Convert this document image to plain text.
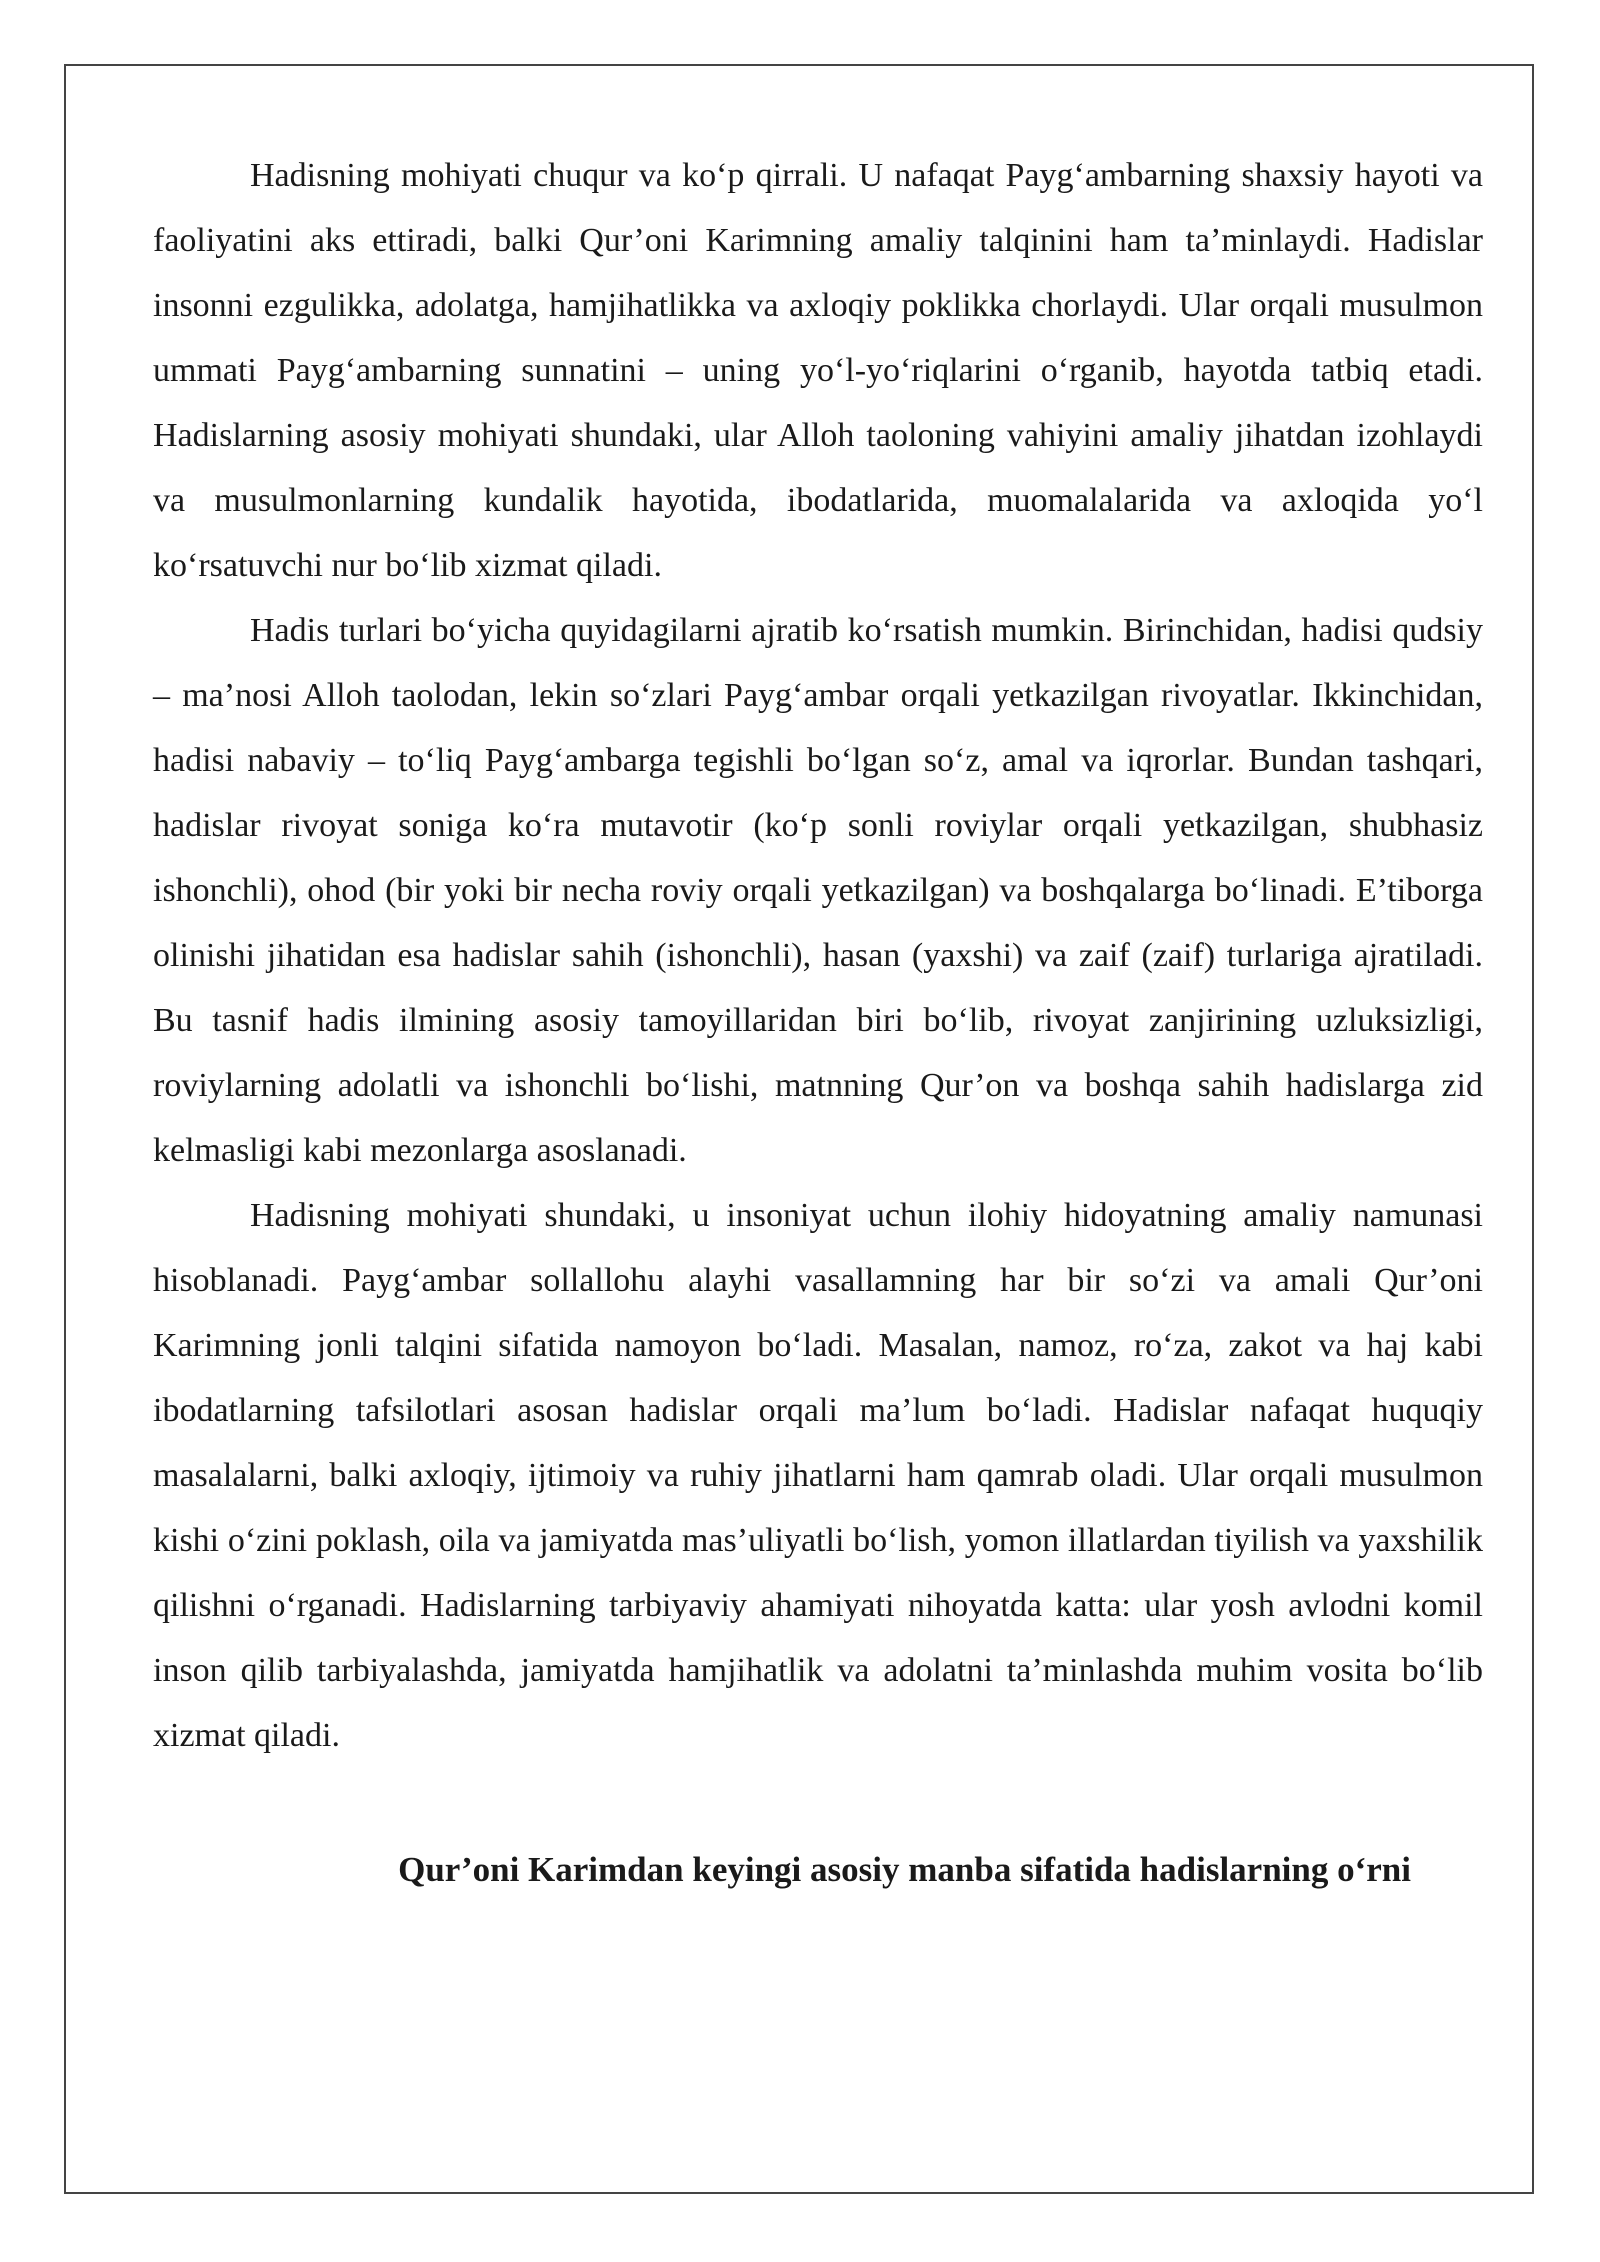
Hadisning mohiyati chuqur va ko‘p qirrali. U nafaqat Payg‘ambarning shaxsiy hayoti va faoliyatini aks ettiradi, balki Qur’oni Karimning amaliy talqinini ham ta’minlaydi. Hadislar insonni ezgulikka, adolatga, hamjihatlikka va axloqiy poklikka chorlaydi. Ular orqali musulmon ummati Payg‘ambarning sunnatini – uning yo‘l-yo‘riqlarini o‘rganib, hayotda tatbiq etadi. Hadislarning asosiy mohiyati shundaki, ular Alloh taoloning vahiyini amaliy jihatdan izohlaydi va musulmonlarning kundalik hayotida, ibodatlarida, muomalalarida va axloqida yo‘l ko‘rsatuvchi nur bo‘lib xizmat qiladi.

Hadis turlari bo‘yicha quyidagilarni ajratib ko‘rsatish mumkin. Birinchidan, hadisi qudsiy – ma’nosi Alloh taolodan, lekin so‘zlari Payg‘ambar orqali yetkazilgan rivoyatlar. Ikkinchidan, hadisi nabaviy – to‘liq Payg‘ambarga tegishli bo‘lgan so‘z, amal va iqrorlar. Bundan tashqari, hadislar rivoyat soniga ko‘ra mutavotir (ko‘p sonli roviylar orqali yetkazilgan, shubhasiz ishonchli), ohod (bir yoki bir necha roviy orqali yetkazilgan) va boshqalarga bo‘linadi. E’tiborga olinishi jihatidan esa hadislar sahih (ishonchli), hasan (yaxshi) va zaif (zaif) turlariga ajratiladi. Bu tasnif hadis ilmining asosiy tamoyillaridan biri bo‘lib, rivoyat zanjirining uzluksizligi, roviylarning adolatli va ishonchli bo‘lishi, matnning Qur’on va boshqa sahih hadislarga zid kelmasligi kabi mezonlarga asoslanadi.

Hadisning mohiyati shundaki, u insoniyat uchun ilohiy hidoyatning amaliy namunasi hisoblanadi. Payg‘ambar sollallohu alayhi vasallamning har bir so‘zi va amali Qur’oni Karimning jonli talqini sifatida namoyon bo‘ladi. Masalan, namoz, ro‘za, zakot va haj kabi ibodatlarning tafsilotlari asosan hadislar orqali ma’lum bo‘ladi. Hadislar nafaqat huquqiy masalalarni, balki axloqiy, ijtimoiy va ruhiy jihatlarni ham qamrab oladi. Ular orqali musulmon kishi o‘zini poklash, oila va jamiyatda mas’uliyatli bo‘lish, yomon illatlardan tiyilish va yaxshilik qilishni o‘rganadi. Hadislarning tarbiyaviy ahamiyati nihoyatda katta: ular yosh avlodni komil inson qilib tarbiyalashda, jamiyatda hamjihatlik va adolatni ta’minlashda muhim vosita bo‘lib xizmat qiladi.

Qur’oni Karimdan keyingi asosiy manba sifatida hadislarning o‘rni
